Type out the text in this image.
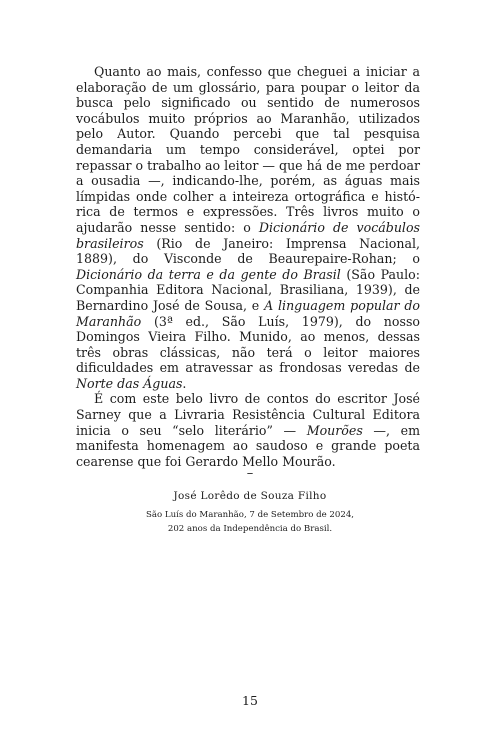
Quanto ao mais, confesso que cheguei a iniciar a elaboração de um glossário, para poupar o leitor da busca pelo significado ou sentido de numerosos vocábulos muito próprios ao Maranhão, utilizados pelo Autor. Quando percebi que tal pesquisa demandaria um tempo considerável, optei por repassar o trabalho ao leitor — que há de me perdoar a ousadia —, indicando-lhe, porém, as águas mais límpidas onde colher a inteireza ortográfica e histórica de termos e expressões. Três livros muito o ajudarão nesse sentido: o Dicionário de vocábulos brasileiros (Rio de Janeiro: Imprensa Nacional, 1889), do Visconde de Beaurepaire-Rohan; o Dicionário da terra e da gente do Brasil (São Paulo: Companhia Editora Nacional, Brasiliana, 1939), de Bernardino José de Sousa, e A linguagem popular do Maranhão (3ª ed., São Luís, 1979), do nosso Domingos Vieira Filho. Munido, ao menos, dessas três obras clássicas, não terá o leitor maiores dificuldades em atravessar as frondosas veredas de Norte das Águas.

É com este belo livro de contos do escritor José Sarney que a Livraria Resistência Cultural Editora inicia o seu “selo literário” — Mourões —, em manifesta homenagem ao saudoso e grande poeta cearense que foi Gerardo Mello Mourão.

–
José Lorêdo de Souza Filho
São Luís do Maranhão, 7 de Setembro de 2024,
202 anos da Independência do Brasil.
15
